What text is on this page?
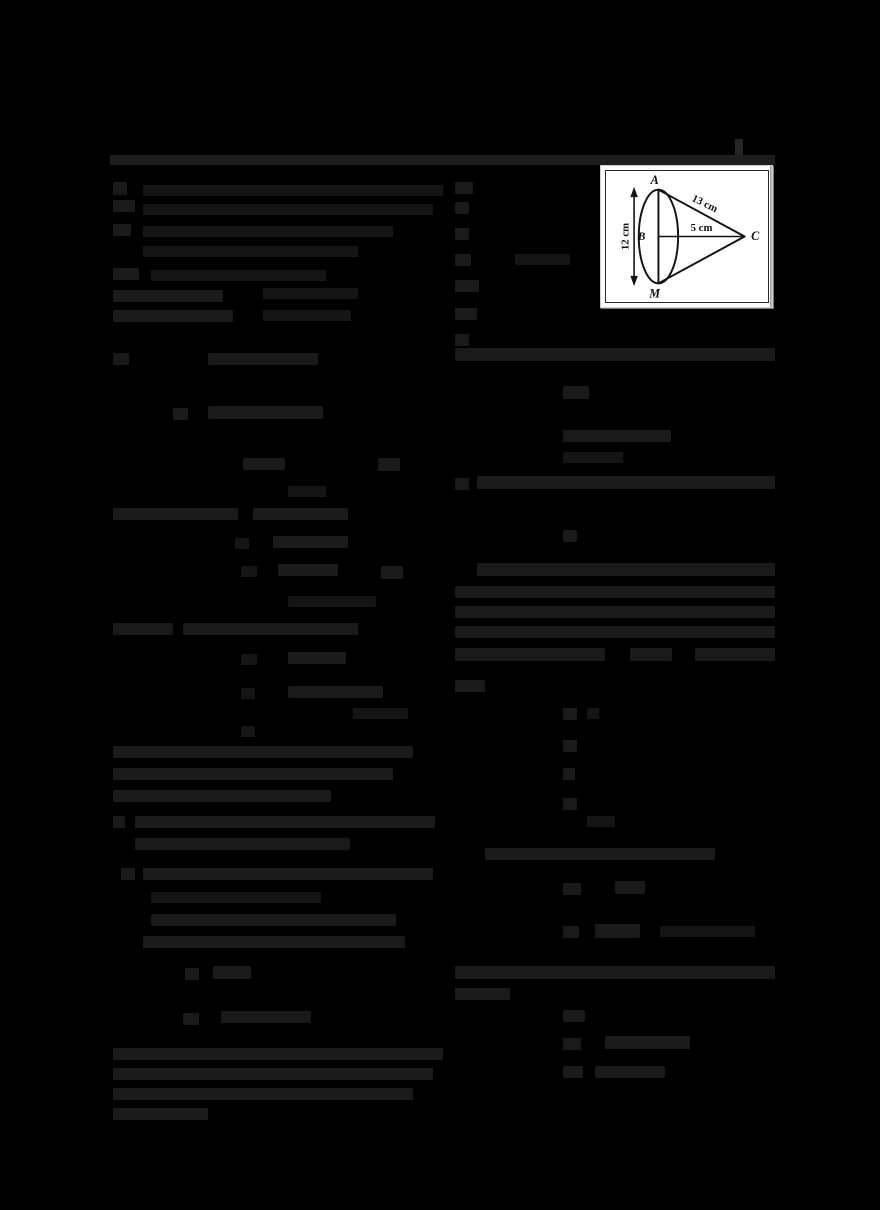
A
M
B	C
12 cm
13 cm
5 cm
